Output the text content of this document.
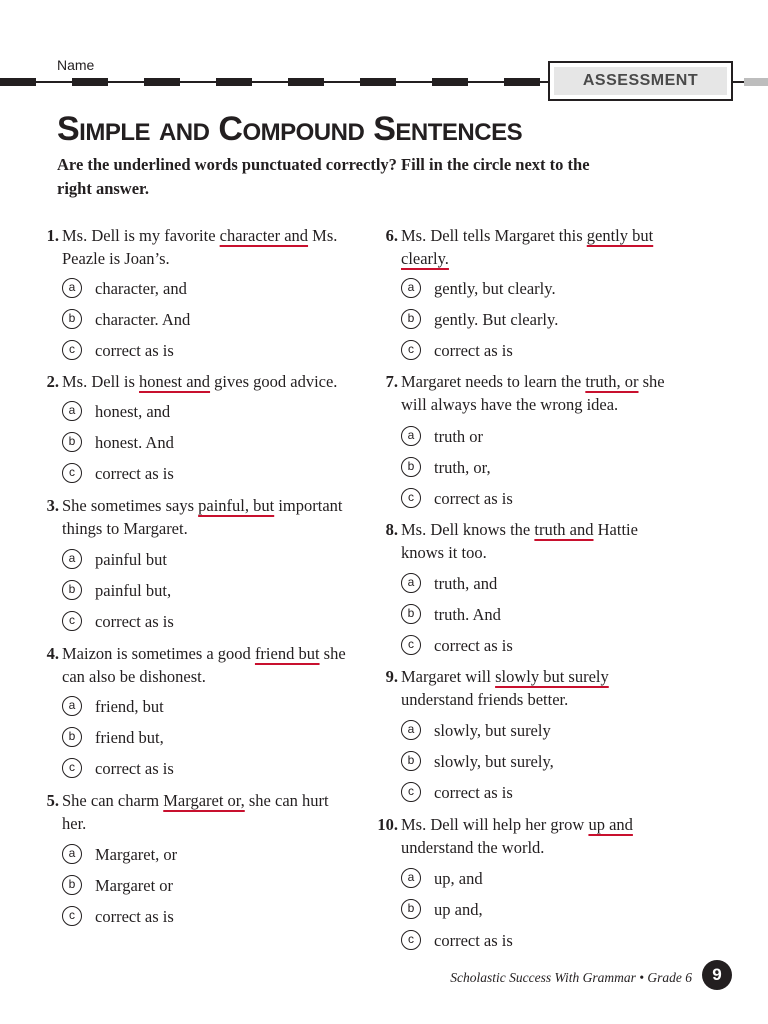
Name
ASSESSMENT
Simple and Compound Sentences
Are the underlined words punctuated correctly? Fill in the circle next to the right answer.
1. Ms. Dell is my favorite character and Ms. Peazle is Joan’s.
a	character, and
b	character. And
c	correct as is
2. Ms. Dell is honest and gives good advice.
a	honest, and
b	honest. And
c	correct as is
3. She sometimes says painful, but important things to Margaret.
a	painful but
b	painful but,
c	correct as is
4. Maizon is sometimes a good friend but she can also be dishonest.
a	friend, but
b	friend but,
c	correct as is
5. She can charm Margaret or, she can hurt her.
a	Margaret, or
b	Margaret or
c	correct as is
6. Ms. Dell tells Margaret this gently but clearly.
a	gently, but clearly.
b	gently. But clearly.
c	correct as is
7. Margaret needs to learn the truth, or she will always have the wrong idea.
a	truth or
b	truth, or,
c	correct as is
8. Ms. Dell knows the truth and Hattie knows it too.
a	truth, and
b	truth. And
c	correct as is
9. Margaret will slowly but surely understand friends better.
a	slowly, but surely
b	slowly, but surely,
c	correct as is
10. Ms. Dell will help her grow up and understand the world.
a	up, and
b	up and,
c	correct as is
Scholastic Success With Grammar • Grade 6	9
